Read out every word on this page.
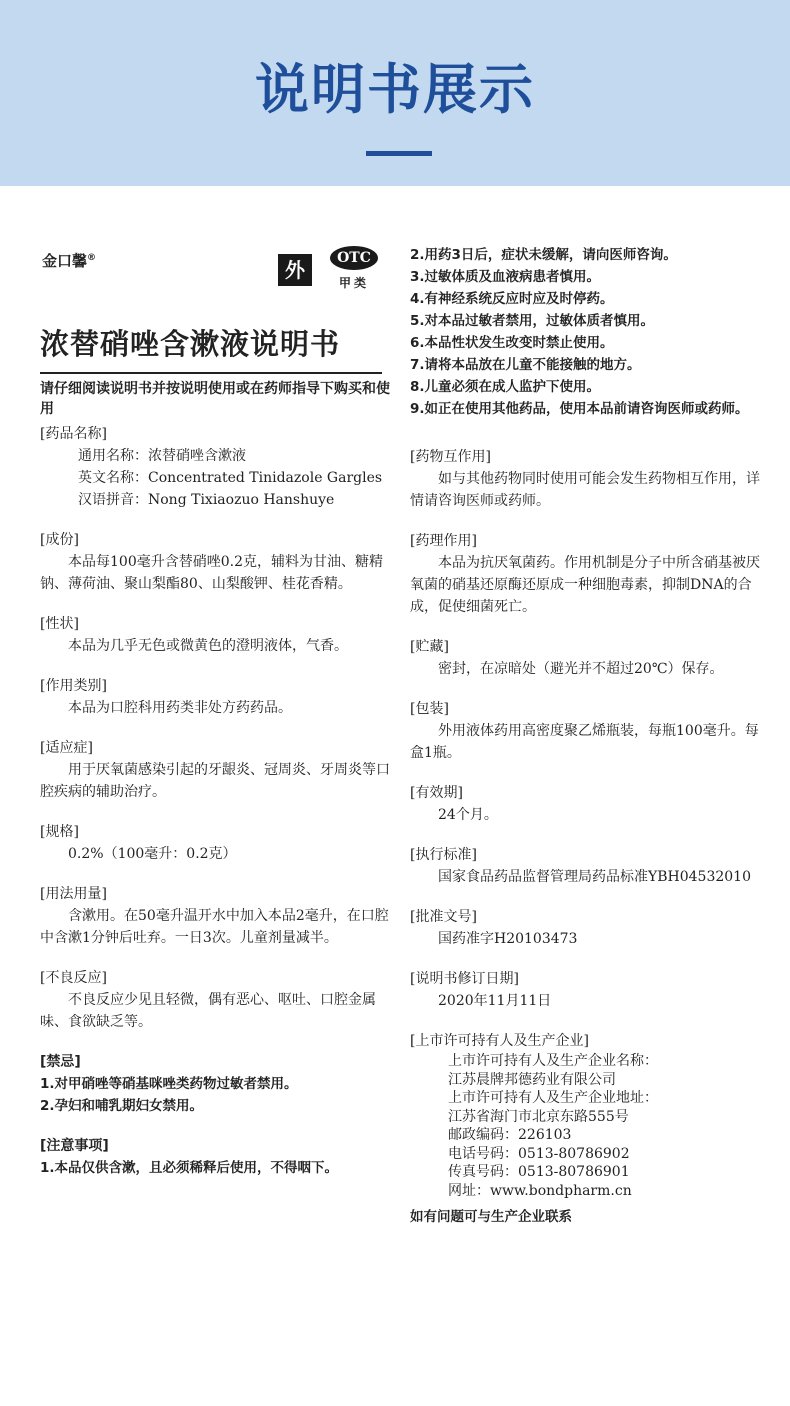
说明书展示
金口馨®	外	OTC
甲类
浓替硝唑含漱液说明书
请仔细阅读说明书并按说明使用或在药师指导下购买和使用
[药品名称]
通用名称：浓替硝唑含漱液
英文名称：Concentrated Tinidazole Gargles
汉语拼音：Nong Tixiaozuo Hanshuye
[成份]
本品每100毫升含替硝唑0.2克，辅料为甘油、糖精钠、薄荷油、聚山梨酯80、山梨酸钾、桂花香精。
[性状]
本品为几乎无色或微黄色的澄明液体，气香。
[作用类别]
本品为口腔科用药类非处方药药品。
[适应症]
用于厌氧菌感染引起的牙龈炎、冠周炎、牙周炎等口腔疾病的辅助治疗。
[规格]
0.2%（100毫升：0.2克）
[用法用量]
含漱用。在50毫升温开水中加入本品2毫升，在口腔中含漱1分钟后吐弃。一日3次。儿童剂量减半。
[不良反应]
不良反应少见且轻微，偶有恶心、呕吐、口腔金属味、食欲缺乏等。
[禁忌]
1.对甲硝唑等硝基咪唑类药物过敏者禁用。
2.孕妇和哺乳期妇女禁用。
[注意事项]
1.本品仅供含漱，且必须稀释后使用，不得咽下。
2.用药3日后，症状未缓解，请向医师咨询。
3.过敏体质及血液病患者慎用。
4.有神经系统反应时应及时停药。
5.对本品过敏者禁用，过敏体质者慎用。
6.本品性状发生改变时禁止使用。
7.请将本品放在儿童不能接触的地方。
8.儿童必须在成人监护下使用。
9.如正在使用其他药品，使用本品前请咨询医师或药师。
[药物互作用]
如与其他药物同时使用可能会发生药物相互作用，详情请咨询医师或药师。
[药理作用]
本品为抗厌氧菌药。作用机制是分子中所含硝基被厌氧菌的硝基还原酶还原成一种细胞毒素，抑制DNA的合成，促使细菌死亡。
[贮藏]
密封，在凉暗处（避光并不超过20℃）保存。
[包装]
外用液体药用高密度聚乙烯瓶装，每瓶100毫升。每盒1瓶。
[有效期]
24个月。
[执行标准]
国家食品药品监督管理局药品标准YBH04532010
[批准文号]
国药准字H20103473
[说明书修订日期]
2020年11月11日
[上市许可持有人及生产企业]
上市许可持有人及生产企业名称：
江苏晨牌邦德药业有限公司
上市许可持有人及生产企业地址：
江苏省海门市北京东路555号
邮政编码：226103
电话号码：0513-80786902
传真号码：0513-80786901
网址：www.bondpharm.cn
如有问题可与生产企业联系
